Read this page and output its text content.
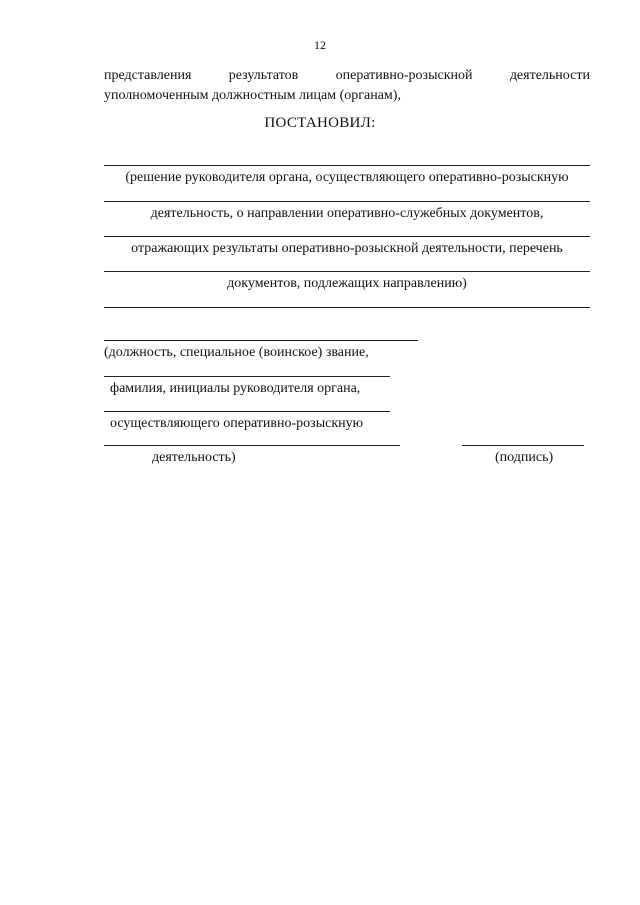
12
представления	результатов	оперативно-розыскной	деятельности
уполномоченным должностным лицам (органам),
ПОСТАНОВИЛ:
(решение руководителя органа, осуществляющего оперативно-розыскную
деятельность, о направлении оперативно-служебных документов,
отражающих результаты оперативно-розыскной деятельности, перечень
документов, подлежащих направлению)
(должность, специальное (воинское) звание,
фамилия, инициалы руководителя органа,
осуществляющего оперативно-розыскную
деятельность)	(подпись)
